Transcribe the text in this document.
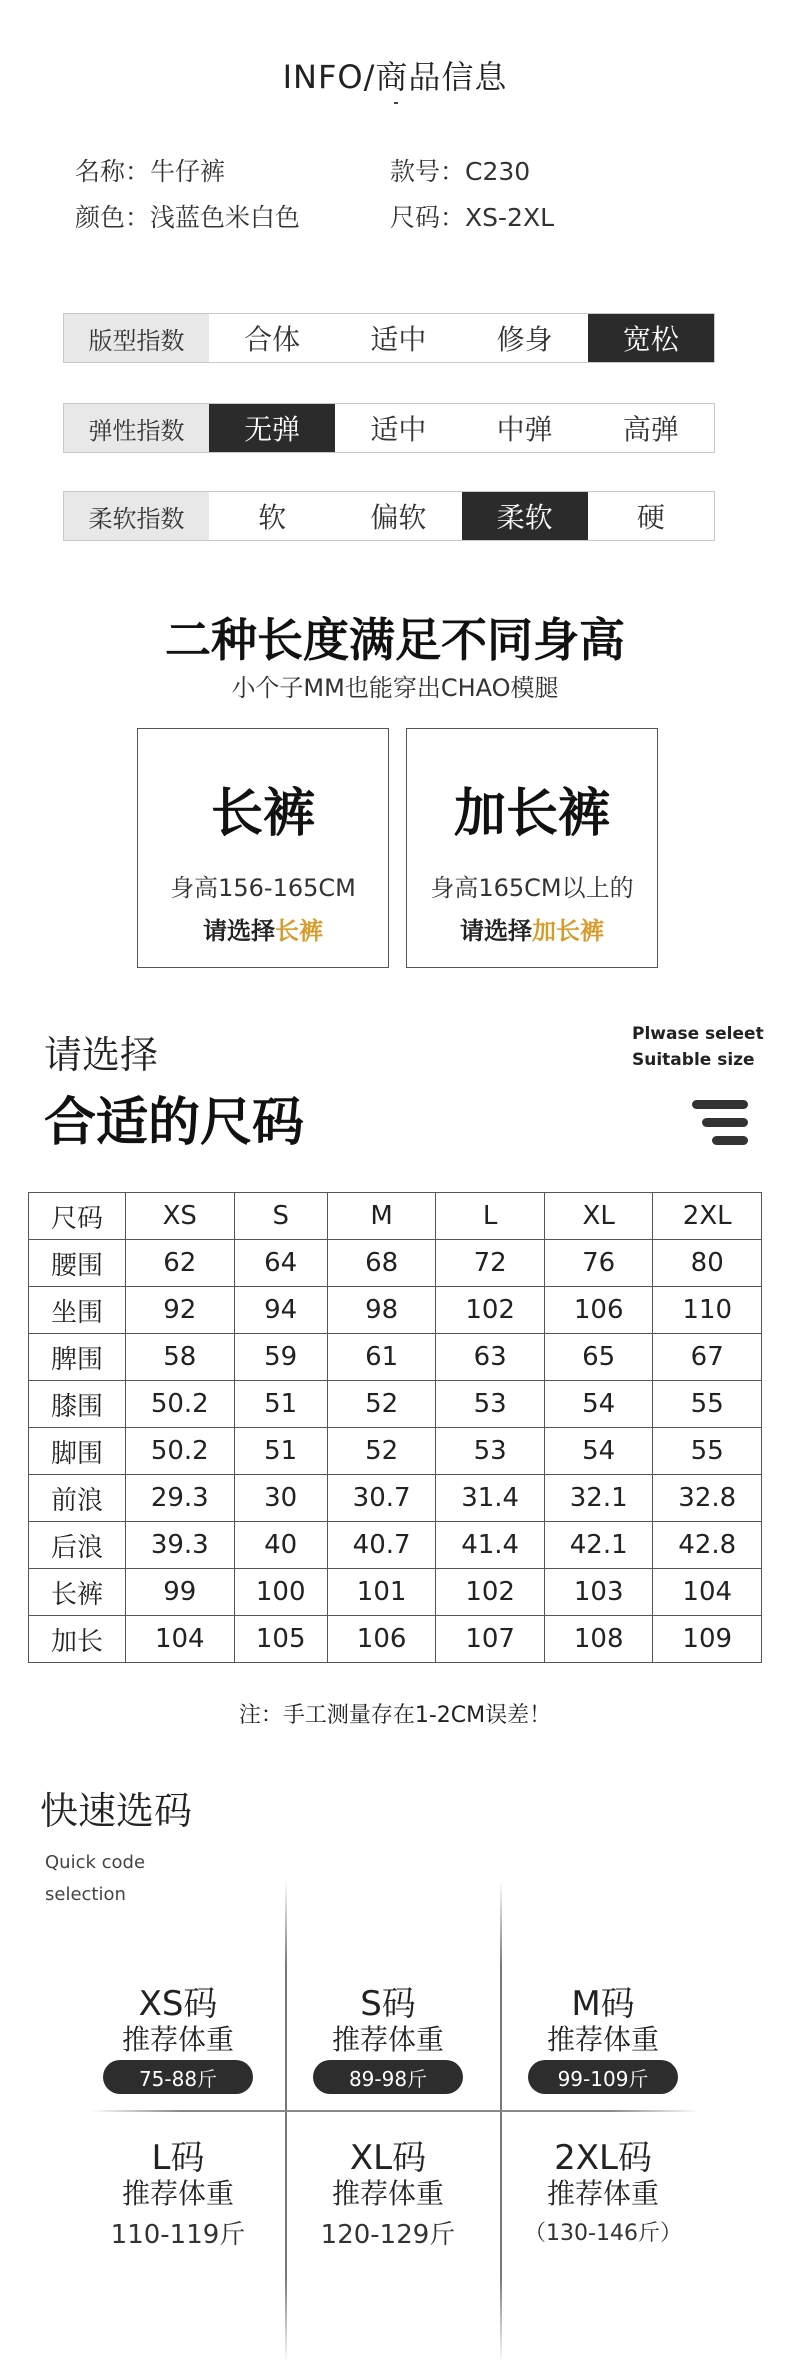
INFO/商品信息
名称：牛仔裤	款号：C230
颜色：浅蓝色米白色	尺码：XS-2XL
版型指数	合体	适中	修身	宽松
弹性指数	无弹	适中	中弹	高弹
柔软指数	软	偏软	柔软	硬
二种长度满足不同身高
小个子MM也能穿出CHAO模腿
长裤
身高156-165CM
请选择长裤
加长裤
身高165CM以上的
请选择加长裤
请选择
合适的尺码
Plwase seleet
Suitable size
尺码	XS	S	M	L	XL	2XL
腰围	62	64	68	72	76	80
坐围	92	94	98	102	106	110
脾围	58	59	61	63	65	67
膝围	50.2	51	52	53	54	55
脚围	50.2	51	52	53	54	55
前浪	29.3	30	30.7	31.4	32.1	32.8
后浪	39.3	40	40.7	41.4	42.1	42.8
长裤	99	100	101	102	103	104
加长	104	105	106	107	108	109
注：手工测量存在1-2CM误差！
快速选码
Quick code
selection
XS码
推荐体重
75-88斤
S码
推荐体重
89-98斤
M码
推荐体重
99-109斤
L码
推荐体重
110-119斤
XL码
推荐体重
120-129斤
2XL码
推荐体重
（130-146斤）
